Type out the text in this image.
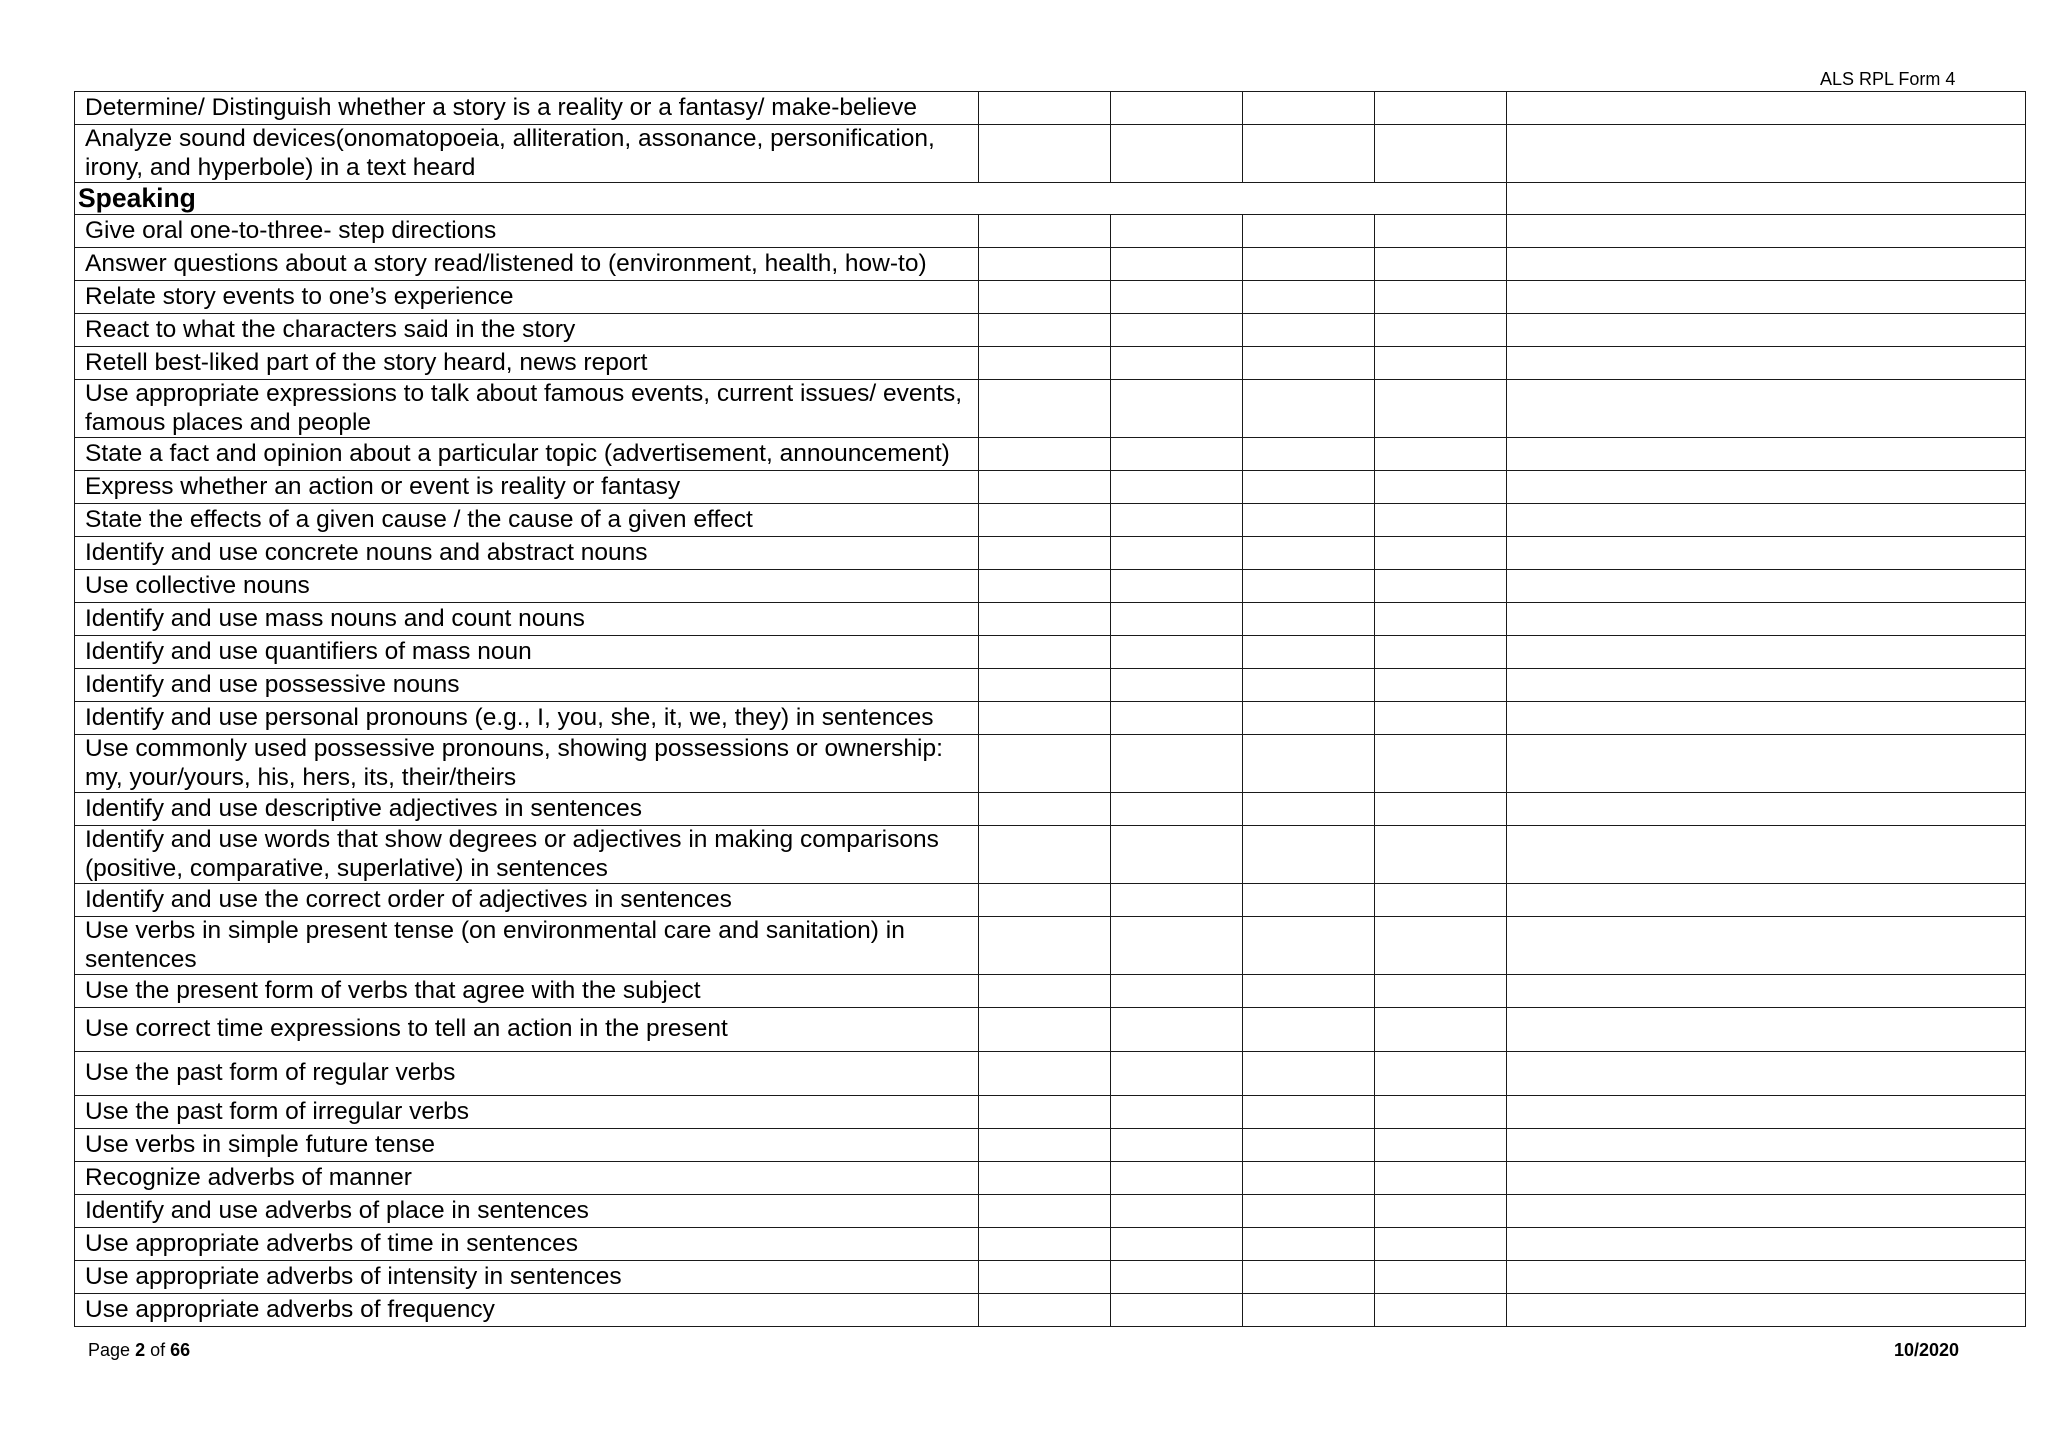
ALS RPL Form 4
Determine/ Distinguish whether a story is a reality or a fantasy/ make-believe					
Analyze sound devices(onomatopoeia, alliteration, assonance, personification, irony, and hyperbole) in a text heard					
Speaking					
Give oral one-to-three- step directions					
Answer questions about a story read/listened to (environment, health, how-to)					
Relate story events to one’s experience					
React to what the characters said in the story					
Retell best-liked part of the story heard, news report					
Use appropriate expressions to talk about famous events, current issues/ events, famous places and people					
State a fact and opinion about a particular topic (advertisement, announcement)					
Express whether an action or event is reality or fantasy					
State the effects of a given cause / the cause of a given effect					
Identify and use concrete nouns and abstract nouns					
Use collective nouns					
Identify and use mass nouns and count nouns					
Identify and use quantifiers of mass noun					
Identify and use possessive nouns					
Identify and use personal pronouns (e.g., I, you, she, it, we, they) in sentences					
Use commonly used possessive pronouns, showing possessions or ownership: my, your/yours, his, hers, its, their/theirs					
Identify and use descriptive adjectives in sentences					
Identify and use words that show degrees or adjectives in making comparisons (positive, comparative, superlative) in sentences					
Identify and use the correct order of adjectives in sentences					
Use verbs in simple present tense (on environmental care and sanitation) in sentences					
Use the present form of verbs that agree with the subject					
Use correct time expressions to tell an action in the present					
Use the past form of regular verbs					
Use the past form of irregular verbs					
Use verbs in simple future tense					
Recognize adverbs of manner					
Identify and use adverbs of place in sentences					
Use appropriate adverbs of time in sentences					
Use appropriate adverbs of intensity in sentences					
Use appropriate adverbs of frequency					
Page 2 of 66	10/2020
